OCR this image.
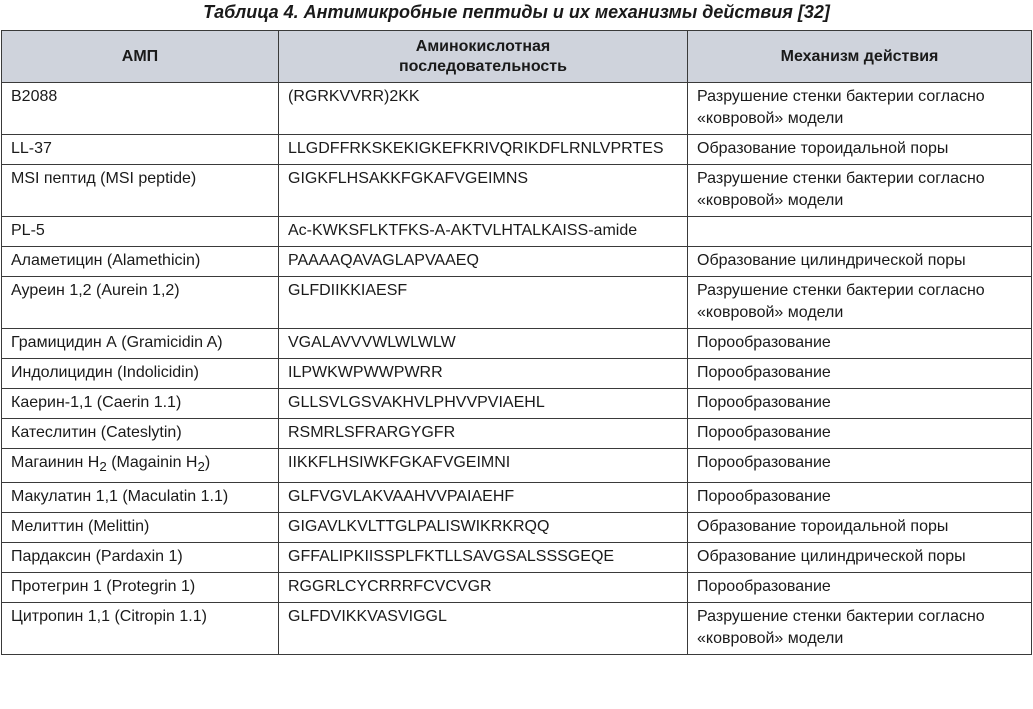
Таблица 4. Антимикробные пептиды и их механизмы действия [32]
АМП	Аминокислотная последовательность	Механизм действия
B2088	(RGRKVVRR)2KK	Разрушение стенки бактерии согласно «ковровой» модели
LL-37	LLGDFFRKSKEKIGKEFKRIVQRIKDFLRNLVPRTES	Образование тороидальной поры
MSI пептид (MSI peptide)	GIGKFLHSAKKFGKAFVGEIMNS	Разрушение стенки бактерии согласно «ковровой» модели
PL-5	Ac-KWKSFLKTFKS-A-AKTVLHTALKAISS-amide	
Аламетицин (Alamethicin)	PAAAAQAVAGLAPVAAEQ	Образование цилиндрической поры
Ауреин 1,2 (Aurein 1,2)	GLFDIIKKIAESF	Разрушение стенки бактерии согласно «ковровой» модели
Грамицидин А (Gramicidin A)	VGALAVVVWLWLWLW	Порообразование
Индолицидин (Indolicidin)	ILPWKWPWWPWRR	Порообразование
Каерин-1,1 (Caerin 1.1)	GLLSVLGSVAKHVLPHVVPVIAEHL	Порообразование
Катеслитин (Cateslytin)	RSMRLSFRARGYGFR	Порообразование
Магаинин $H_2$ (Magainin $H_2$)	IIKKFLHSIWKFGKAFVGEIMNI	Порообразование
Макулатин 1,1 (Maculatin 1.1)	GLFVGVLAKVAAHVVPAIAEHF	Порообразование
Мелиттин (Melittin)	GIGAVLKVLTTGLPALISWIKRKRQQ	Образование тороидальной поры
Пардаксин (Pardaxin 1)	GFFALIPKIISSPLFKTLLSAVGSALSSSGEQE	Образование цилиндрической поры
Протегрин 1 (Protegrin 1)	RGGRLCYCRRRFCVCVGR	Порообразование
Цитропин 1,1 (Citropin 1.1)	GLFDVIKKVASVIGGL	Разрушение стенки бактерии согласно «ковровой» модели
